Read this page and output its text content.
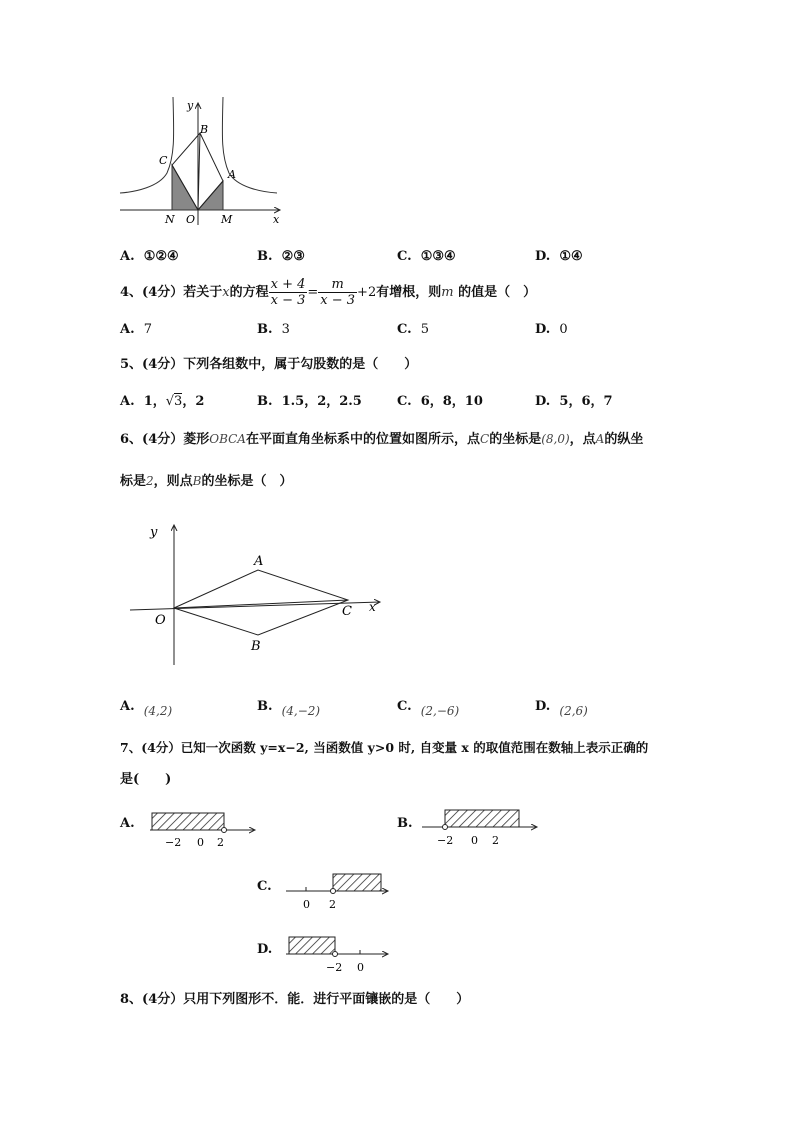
y
x
B
C
A
N O M
A. ①②④	B. ②③	C. ①③④	D. ①④
4、(4分）若关于x的方程 $\frac{x + 4}{x - 3} = \frac{m}{x - 3} +2$有增根，则m 的值是（　）
A. 7	B. 3	C. 5	D. 0
5、(4分）下列各组数中，属于勾股数的是（　　）
A. 1，√3，2	B. 1.5，2，2.5	C. 6，8，10	D. 5，6，7
6、(4分）菱形OBCA在平面直角坐标系中的位置如图所示，点C的坐标是(8,0)，点A的纵坐
标是2，则点B的坐标是（　）
y
x
A
B
C
O
A. (4,2)	B. (4,−2)	C. (2,−6)	D. (2,6)
7、(4分）已知一次函数 y=x−2, 当函数值 y>0 时, 自变量 x 的取值范围在数轴上表示正确的
是(　　)
A.
−2 0 2
B.
−2 0 2
C.
0 2
D.
−2 0
8、(4分）只用下列图形不．能．进行平面镶嵌的是（　　）
